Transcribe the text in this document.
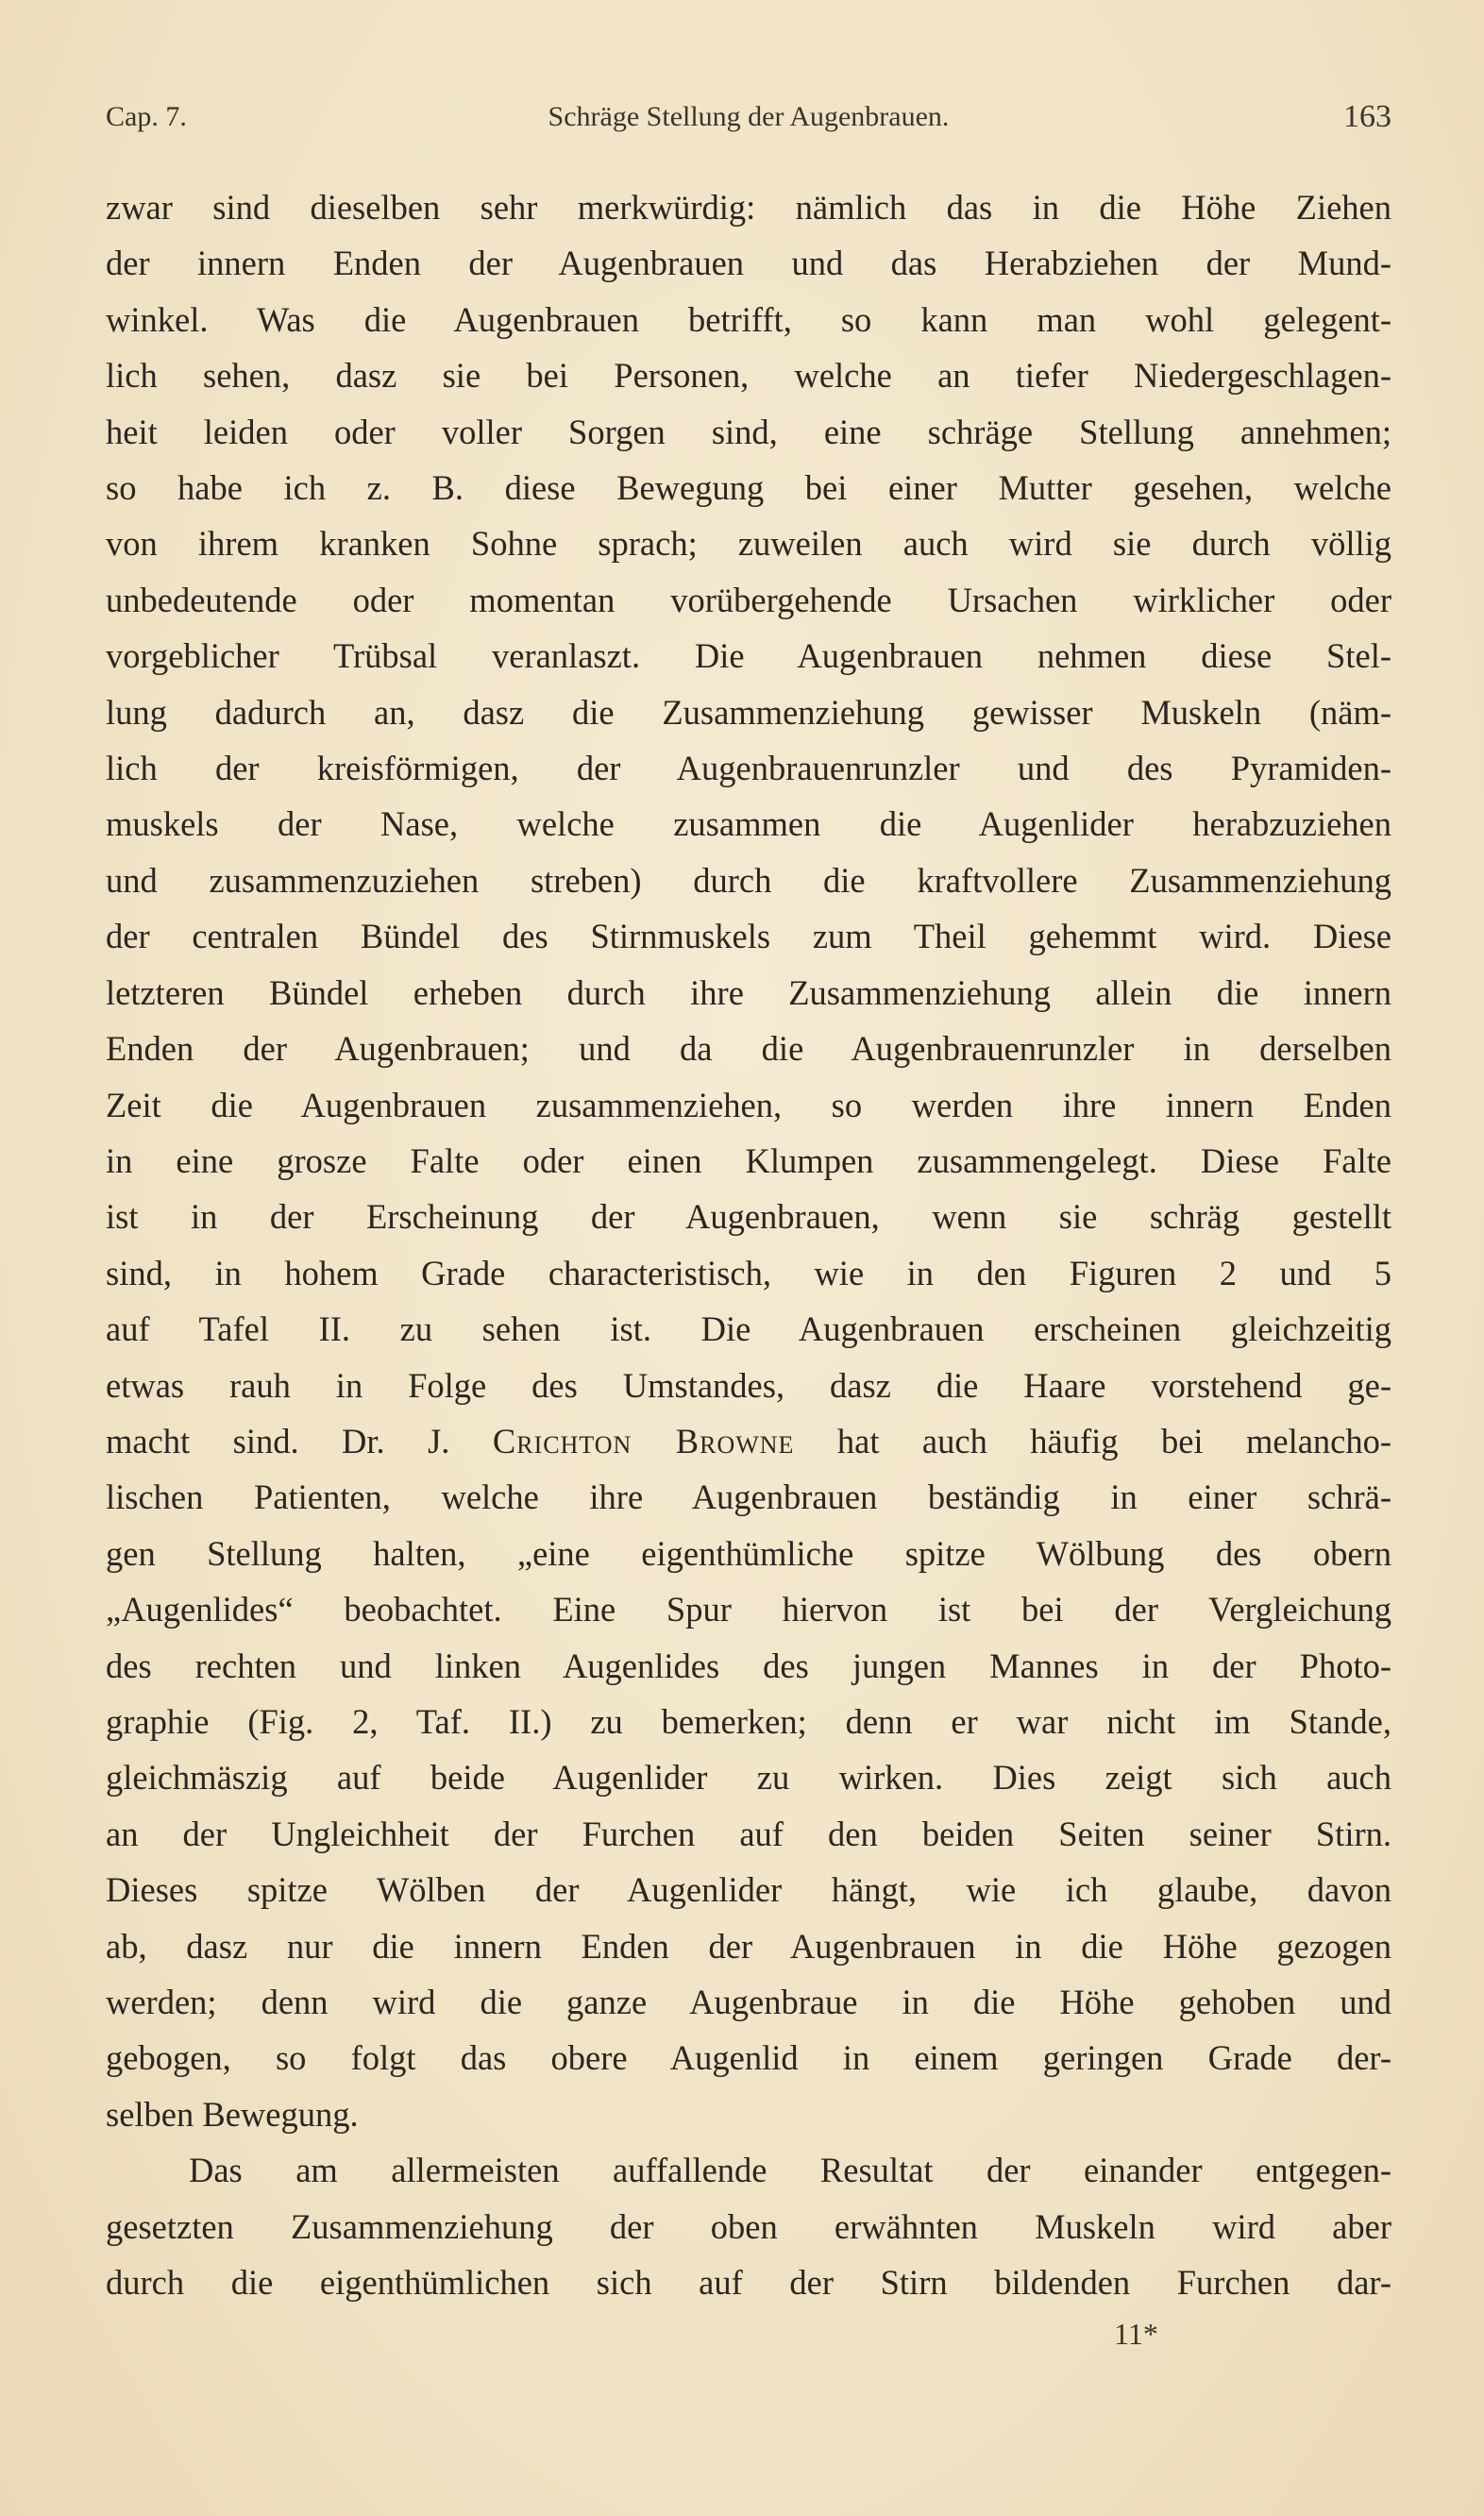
Cap. 7.	Schräge Stellung der Augenbrauen.	163

zwar sind dieselben sehr merkwürdig: nämlich das in die Höhe Ziehen
der innern Enden der Augenbrauen und das Herabziehen der Mund-
winkel. Was die Augenbrauen betrifft, so kann man wohl gelegent-
lich sehen, dasz sie bei Personen, welche an tiefer Niedergeschlagen-
heit leiden oder voller Sorgen sind, eine schräge Stellung annehmen;
so habe ich z. B. diese Bewegung bei einer Mutter gesehen, welche
von ihrem kranken Sohne sprach; zuweilen auch wird sie durch völlig
unbedeutende oder momentan vorübergehende Ursachen wirklicher oder
vorgeblicher Trübsal veranlaszt. Die Augenbrauen nehmen diese Stel-
lung dadurch an, dasz die Zusammenziehung gewisser Muskeln (näm-
lich der kreisförmigen, der Augenbrauenrunzler und des Pyramiden-
muskels der Nase, welche zusammen die Augenlider herabzuziehen
und zusammenzuziehen streben) durch die kraftvollere Zusammenziehung
der centralen Bündel des Stirnmuskels zum Theil gehemmt wird. Diese
letzteren Bündel erheben durch ihre Zusammenziehung allein die innern
Enden der Augenbrauen; und da die Augenbrauenrunzler in derselben
Zeit die Augenbrauen zusammenziehen, so werden ihre innern Enden
in eine grosze Falte oder einen Klumpen zusammengelegt. Diese Falte
ist in der Erscheinung der Augenbrauen, wenn sie schräg gestellt
sind, in hohem Grade characteristisch, wie in den Figuren 2 und 5
auf Tafel II. zu sehen ist. Die Augenbrauen erscheinen gleichzeitig
etwas rauh in Folge des Umstandes, dasz die Haare vorstehend ge-
macht sind. Dr. J. Crichton Browne hat auch häufig bei melancho-
lischen Patienten, welche ihre Augenbrauen beständig in einer schrä-
gen Stellung halten, „eine eigenthümliche spitze Wölbung des obern
„Augenlides“ beobachtet. Eine Spur hiervon ist bei der Vergleichung
des rechten und linken Augenlides des jungen Mannes in der Photo-
graphie (Fig. 2, Taf. II.) zu bemerken; denn er war nicht im Stande,
gleichmäszig auf beide Augenlider zu wirken. Dies zeigt sich auch
an der Ungleichheit der Furchen auf den beiden Seiten seiner Stirn.
Dieses spitze Wölben der Augenlider hängt, wie ich glaube, davon
ab, dasz nur die innern Enden der Augenbrauen in die Höhe gezogen
werden; denn wird die ganze Augenbraue in die Höhe gehoben und
gebogen, so folgt das obere Augenlid in einem geringen Grade der-
selben Bewegung.

Das am allermeisten auffallende Resultat der einander entgegen-
gesetzten Zusammenziehung der oben erwähnten Muskeln wird aber
durch die eigenthümlichen sich auf der Stirn bildenden Furchen dar-

11*
